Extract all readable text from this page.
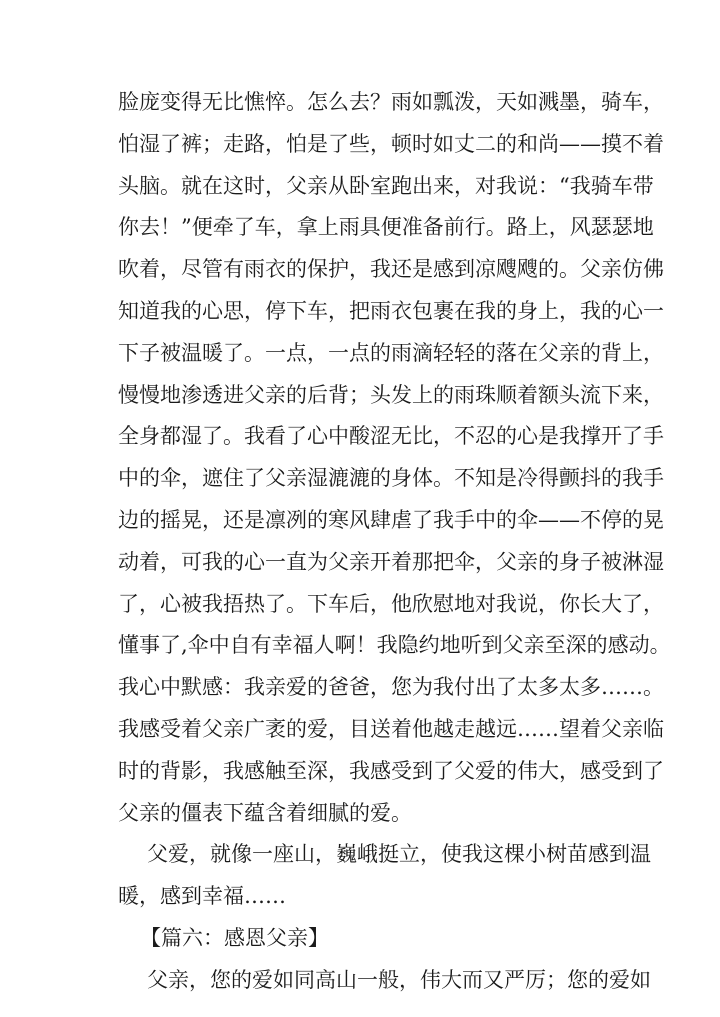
脸庞变得无比憔悴。怎么去？雨如瓢泼，天如溅墨，骑车，
怕湿了裤；走路，怕是了些，顿时如丈二的和尚——摸不着
头脑。就在这时，父亲从卧室跑出来，对我说：“我骑车带
你去！”便牵了车，拿上雨具便准备前行。路上，风瑟瑟地
吹着，尽管有雨衣的保护，我还是感到凉飕飕的。父亲仿佛
知道我的心思，停下车，把雨衣包裹在我的身上，我的心一
下子被温暖了。一点，一点的雨滴轻轻的落在父亲的背上，
慢慢地渗透进父亲的后背；头发上的雨珠顺着额头流下来，
全身都湿了。我看了心中酸涩无比，不忍的心是我撑开了手
中的伞，遮住了父亲湿漉漉的身体。不知是冷得颤抖的我手
边的摇晃，还是凛冽的寒风肆虐了我手中的伞——不停的晃
动着，可我的心一直为父亲开着那把伞，父亲的身子被淋湿
了，心被我捂热了。下车后，他欣慰地对我说，你长大了，
懂事了,伞中自有幸福人啊！我隐约地听到父亲至深的感动。
我心中默感：我亲爱的爸爸，您为我付出了太多太多……。
我感受着父亲广袤的爱，目送着他越走越远……望着父亲临
时的背影，我感触至深，我感受到了父爱的伟大，感受到了
父亲的僵表下蕴含着细腻的爱。
父爱，就像一座山，巍峨挺立，使我这棵小树苗感到温
暖，感到幸福……
【篇六：感恩父亲】
父亲，您的爱如同高山一般，伟大而又严厉；您的爱如
